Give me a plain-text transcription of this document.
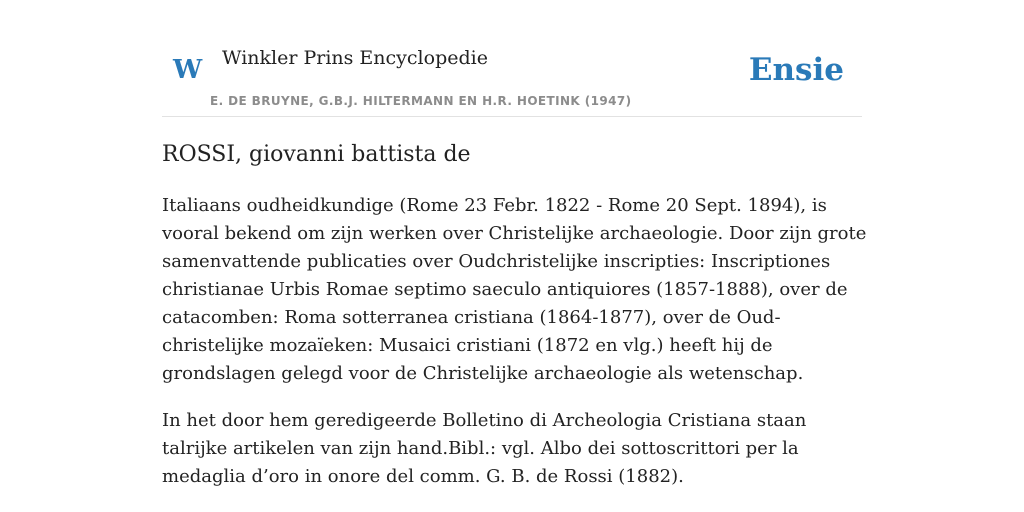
W Winkler Prins Encyclopedie
E. DE BRUYNE, G.B.J. HILTERMANN EN H.R. HOETINK (1947)
Ensie
ROSSI, giovanni battista de

Italiaans oudheidkundige (Rome 23 Febr. 1822 - Rome 20 Sept. 1894), is vooral bekend om zijn werken over Christelijke archaeologie. Door zijn grote samenvattende publicaties over Oudchristelijke inscripties: Inscriptiones christianae Urbis Romae septimo saeculo antiquiores (1857-1888), over de catacomben: Roma sotterranea cristiana (1864-1877), over de Oud-christelijke mozaïeken: Musaici cristiani (1872 en vlg.) heeft hij de grondslagen gelegd voor de Christelijke archaeologie als wetenschap.

In het door hem geredigeerde Bolletino di Archeologia Cristiana staan talrijke artikelen van zijn hand.Bibl.: vgl. Albo dei sottoscrittori per la medaglia d’oro in onore del comm. G. B. de Rossi (1882).
